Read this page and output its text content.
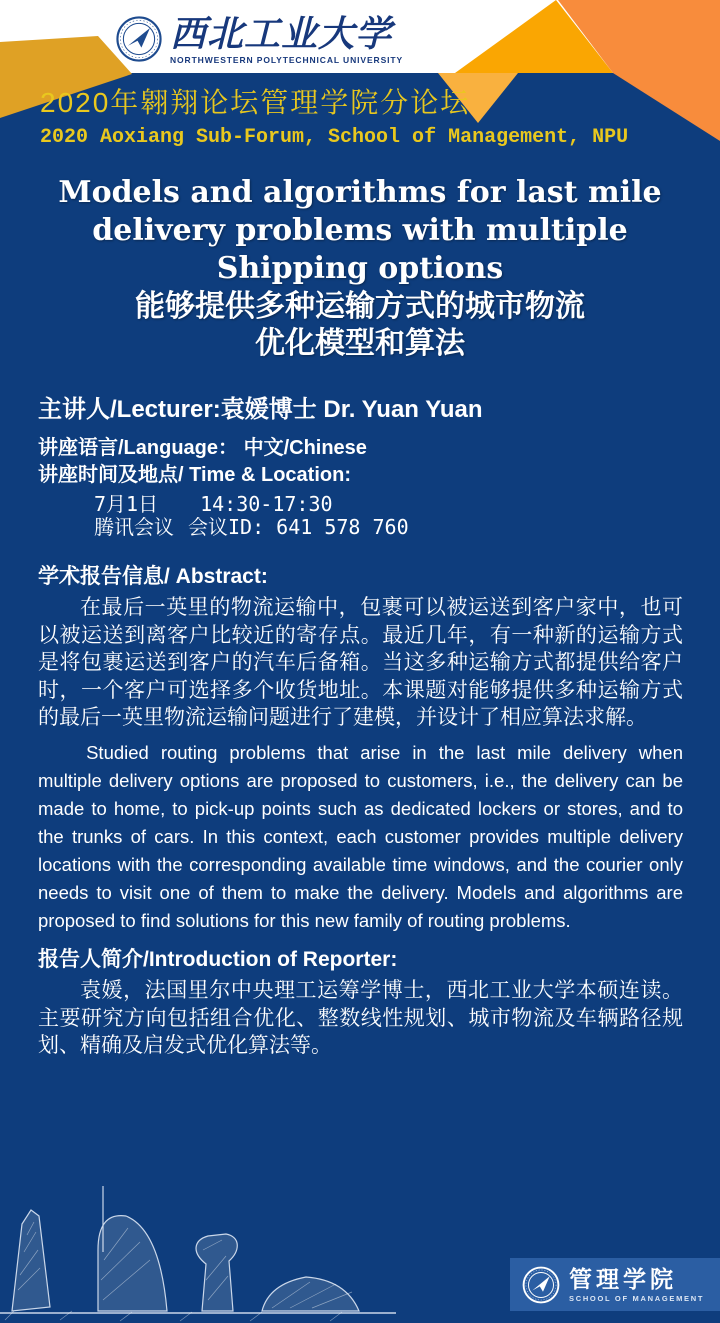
西北工业大学
NORTHWESTERN POLYTECHNICAL UNIVERSITY
2020年翱翔论坛管理学院分论坛
2020 Aoxiang Sub-Forum, School of Management, NPU
Models and algorithms for last mile
delivery problems with multiple
Shipping options
能够提供多种运输方式的城市物流
优化模型和算法
主讲人/Lecturer:袁媛博士 Dr. Yuan Yuan
讲座语言/Language： 中文/Chinese
讲座时间及地点/ Time & Location:
7月1日 14:30-17:30
腾讯会议 会议ID: 641 578 760
学术报告信息/ Abstract:

在最后一英里的物流运输中，包裹可以被运送到客户家中，也可以被运送到离客户比较近的寄存点。最近几年，有一种新的运输方式是将包裹运送到客户的汽车后备箱。当这多种运输方式都提供给客户时，一个客户可选择多个收货地址。本课题对能够提供多种运输方式的最后一英里物流运输问题进行了建模，并设计了相应算法求解。

Studied routing problems that arise in the last mile delivery when multiple delivery options are proposed to customers, i.e., the delivery can be made to home, to pick-up points such as dedicated lockers or stores, and to the trunks of cars. In this context, each customer provides multiple delivery locations with the corresponding available time windows, and the courier only needs to visit one of them to make the delivery. Models and algorithms are proposed to find solutions for this new family of routing problems.

报告人简介/Introduction of Reporter:

袁媛，法国里尔中央理工运筹学博士，西北工业大学本硕连读。主要研究方向包括组合优化、整数线性规划、城市物流及车辆路径规划、精确及启发式优化算法等。

管理学院
SCHOOL OF MANAGEMENT
